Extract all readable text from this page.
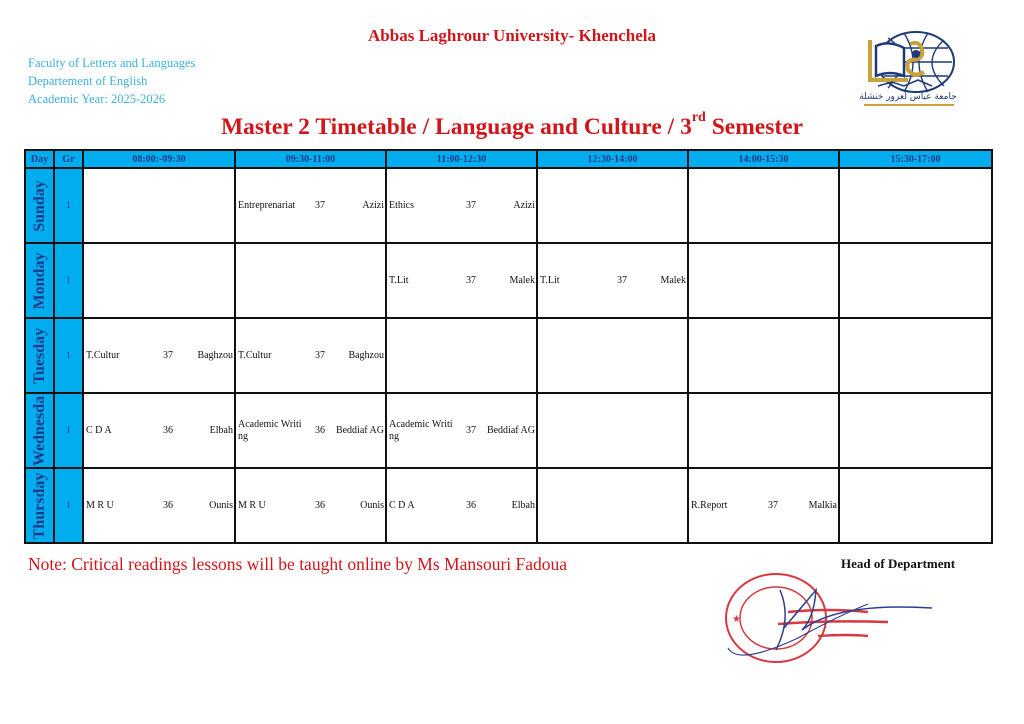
Abbas Laghrour University- Khenchela
Faculty of Letters and Languages
Departement of English
Academic Year: 2025-2026	جامعة عباس لغرور خنشلة
Master 2 Timetable / Language and Culture / 3rd Semester
Day	Gr	08:00:-09:30	09:30-11:00	11:00-12:30	12:30-14:00	14:00-15:30	15:30-17:00

Sunday	1		Entreprenariat 37 Azizi	Ethics 37 Azizi			

Monday	1			T.Lit 37 Malek	T.Lit 37 Malek		

Tuesday	1	T.Cultur 37 Baghzou	T.Cultur 37 Baghzou				

Wednesda	1	C D A 36 Elbah	Academic Writing 36 Beddiaf AG	Academic Writing 37 Beddiaf AG			

Thursday	1	M R U 36 Ounis	M R U 36 Ounis	C D A 36 Elbah		R.Report 37 Malkia	

Note: Critical readings lessons will be taught online by Ms Mansouri Fadoua	Head of Department
★
